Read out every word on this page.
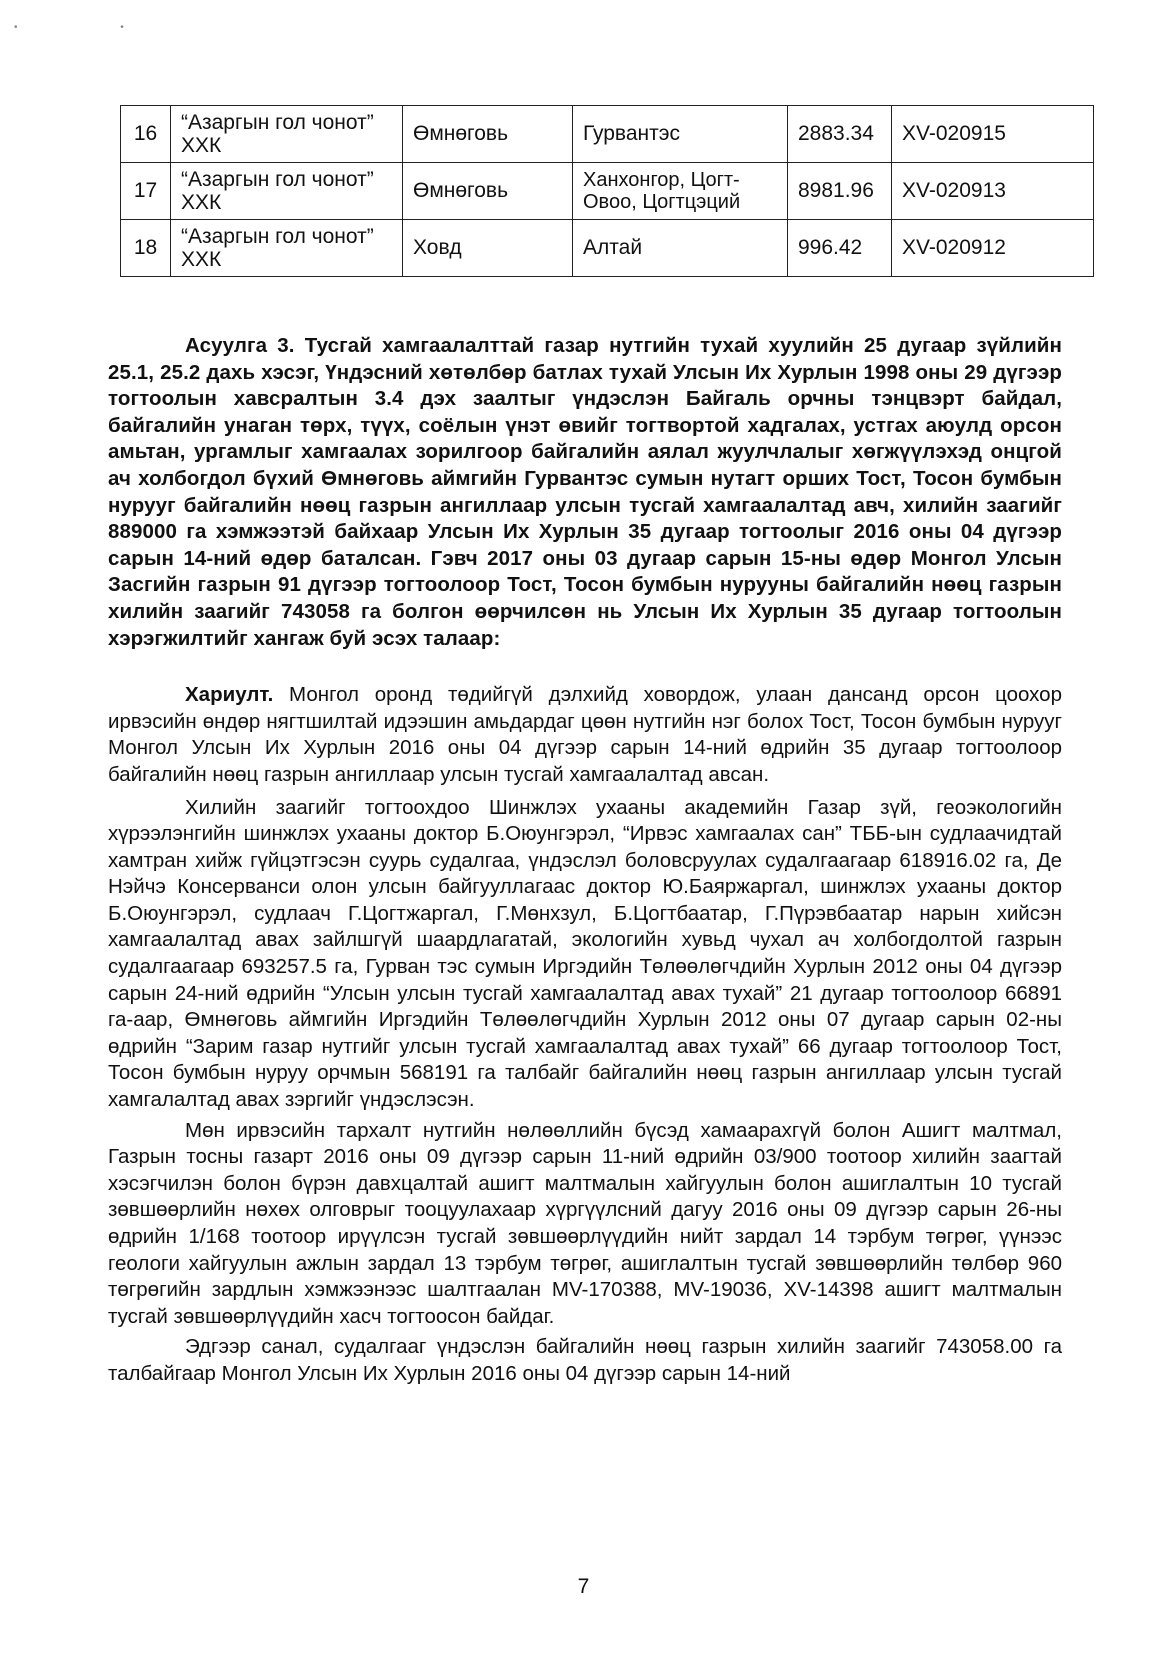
• •
16	“Азаргын гол чонот” ХХК	Өмнөговь	Гурвантэс	2883.34	XV-020915
17	“Азаргын гол чонот” ХХК	Өмнөговь	Ханхонгор, Цогт-Овоо, Цогтцэций	8981.96	XV-020913
18	“Азаргын гол чонот” ХХК	Ховд	Алтай	996.42	XV-020912

Асуулга 3. Тусгай хамгаалалттай газар нутгийн тухай хуулийн 25 дугаар зүйлийн 25.1, 25.2 дахь хэсэг, Үндэсний хөтөлбөр батлах тухай Улсын Их Хурлын 1998 оны 29 дүгээр тогтоолын хавсралтын 3.4 дэх заалтыг үндэслэн Байгаль орчны тэнцвэрт байдал, байгалийн унаган төрх, түүх, соёлын үнэт өвийг тогтвортой хадгалах, устгах аюулд орсон амьтан, ургамлыг хамгаалах зорилгоор байгалийн аялал жуулчлалыг хөгжүүлэхэд онцгой ач холбогдол бүхий Өмнөговь аймгийн Гурвантэс сумын нутагт орших Тост, Тосон бумбын нурууг байгалийн нөөц газрын ангиллаар улсын тусгай хамгаалалтад авч, хилийн заагийг 889000 га хэмжээтэй байхаар Улсын Их Хурлын 35 дугаар тогтоолыг 2016 оны 04 дүгээр сарын 14-ний өдөр баталсан. Гэвч 2017 оны 03 дугаар сарын 15-ны өдөр Монгол Улсын Засгийн газрын 91 дүгээр тогтоолоор Тост, Тосон бумбын нурууны байгалийн нөөц газрын хилийн заагийг 743058 га болгон өөрчилсөн нь Улсын Их Хурлын 35 дугаар тогтоолын хэрэгжилтийг хангаж буй эсэх талаар:

Хариулт. Монгол оронд төдийгүй дэлхийд ховордож, улаан дансанд орсон цоохор ирвэсийн өндөр нягтшилтай идээшин амьдардаг цөөн нутгийн нэг болох Тост, Тосон бумбын нурууг Монгол Улсын Их Хурлын 2016 оны 04 дүгээр сарын 14-ний өдрийн 35 дугаар тогтоолоор байгалийн нөөц газрын ангиллаар улсын тусгай хамгаалалтад авсан.

Хилийн заагийг тогтоохдоо Шинжлэх ухааны академийн Газар зүй, геоэкологийн хүрээлэнгийн шинжлэх ухааны доктор Б.Оюунгэрэл, “Ирвэс хамгаалах сан” ТББ-ын судлаачидтай хамтран хийж гүйцэтгэсэн суурь судалгаа, үндэслэл боловсруулах судалгаагаар 618916.02 га, Де Нэйчэ Консерванси олон улсын байгууллагаас доктор Ю.Баяржаргал, шинжлэх ухааны доктор Б.Оюунгэрэл, судлаач Г.Цогтжаргал, Г.Мөнхзул, Б.Цогтбаатар, Г.Пүрэвбаатар нарын хийсэн хамгаалалтад авах зайлшгүй шаардлагатай, экологийн хувьд чухал ач холбогдолтой газрын судалгаагаар 693257.5 га, Гурван тэс сумын Иргэдийн Төлөөлөгчдийн Хурлын 2012 оны 04 дүгээр сарын 24-ний өдрийн “Улсын улсын тусгай хамгаалалтад авах тухай” 21 дугаар тогтоолоор 66891 га-аар, Өмнөговь аймгийн Иргэдийн Төлөөлөгчдийн Хурлын 2012 оны 07 дугаар сарын 02-ны өдрийн “Зарим газар нутгийг улсын тусгай хамгаалалтад авах тухай” 66 дугаар тогтоолоор Тост, Тосон бумбын нуруу орчмын 568191 га талбайг байгалийн нөөц газрын ангиллаар улсын тусгай хамгалалтад авах зэргийг үндэслэсэн.

Мөн ирвэсийн тархалт нутгийн нөлөөллийн бүсэд хамаарахгүй болон Ашигт малтмал, Газрын тосны газарт 2016 оны 09 дүгээр сарын 11-ний өдрийн 03/900 тоотоор хилийн заагтай хэсэгчилэн болон бүрэн давхцалтай ашигт малтмалын хайгуулын болон ашиглалтын 10 тусгай зөвшөөрлийн нөхөх олговрыг тооцуулахаар хүргүүлсний дагуу 2016 оны 09 дүгээр сарын 26-ны өдрийн 1/168 тоотоор ирүүлсэн тусгай зөвшөөрлүүдийн нийт зардал 14 тэрбум төгрөг, үүнээс геологи хайгуулын ажлын зардал 13 тэрбум төгрөг, ашиглалтын тусгай зөвшөөрлийн төлбөр 960 төгрөгийн зардлын хэмжээнээс шалтгаалан MV-170388, MV-19036, XV-14398 ашигт малтмалын тусгай зөвшөөрлүүдийн хасч тогтоосон байдаг.

Эдгээр санал, судалгааг үндэслэн байгалийн нөөц газрын хилийн заагийг 743058.00 га талбайгаар Монгол Улсын Их Хурлын 2016 оны 04 дүгээр сарын 14-ний

7
